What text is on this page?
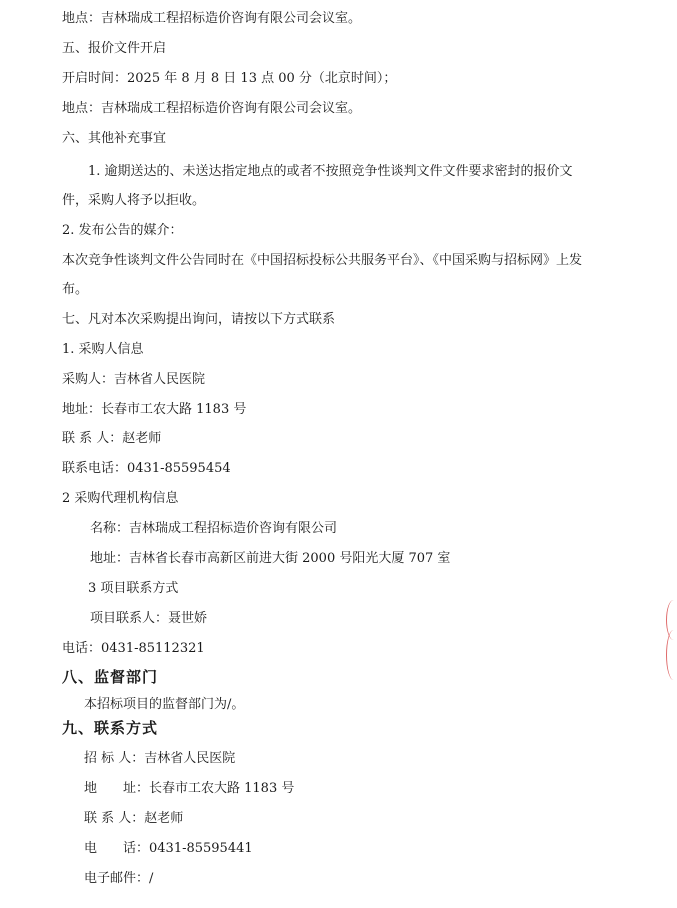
地点：吉林瑞成工程招标造价咨询有限公司会议室。
五、报价文件开启
开启时间：2025 年 8 月 8 日 13 点 00 分（北京时间）；
地点：吉林瑞成工程招标造价咨询有限公司会议室。
六、其他补充事宜
1. 逾期送达的、未送达指定地点的或者不按照竞争性谈判文件文件要求密封的报价文
件，采购人将予以拒收。
2. 发布公告的媒介：
本次竞争性谈判文件公告同时在《中国招标投标公共服务平台》、《中国采购与招标网》上发
布。
七、凡对本次采购提出询问，请按以下方式联系
1. 采购人信息
采购人：吉林省人民医院
地址：长春市工农大路 1183 号
联 系 人：赵老师
联系电话：0431-85595454
2 采购代理机构信息
名称：吉林瑞成工程招标造价咨询有限公司
地址：吉林省长春市高新区前进大街 2000 号阳光大厦 707 室
3 项目联系方式
项目联系人：聂世娇
电话：0431-85112321
八、监督部门
本招标项目的监督部门为/。
九、联系方式
招 标 人：吉林省人民医院
地　　址：长春市工农大路 1183 号
联 系 人：赵老师
电　　话：0431-85595441
电子邮件：/
